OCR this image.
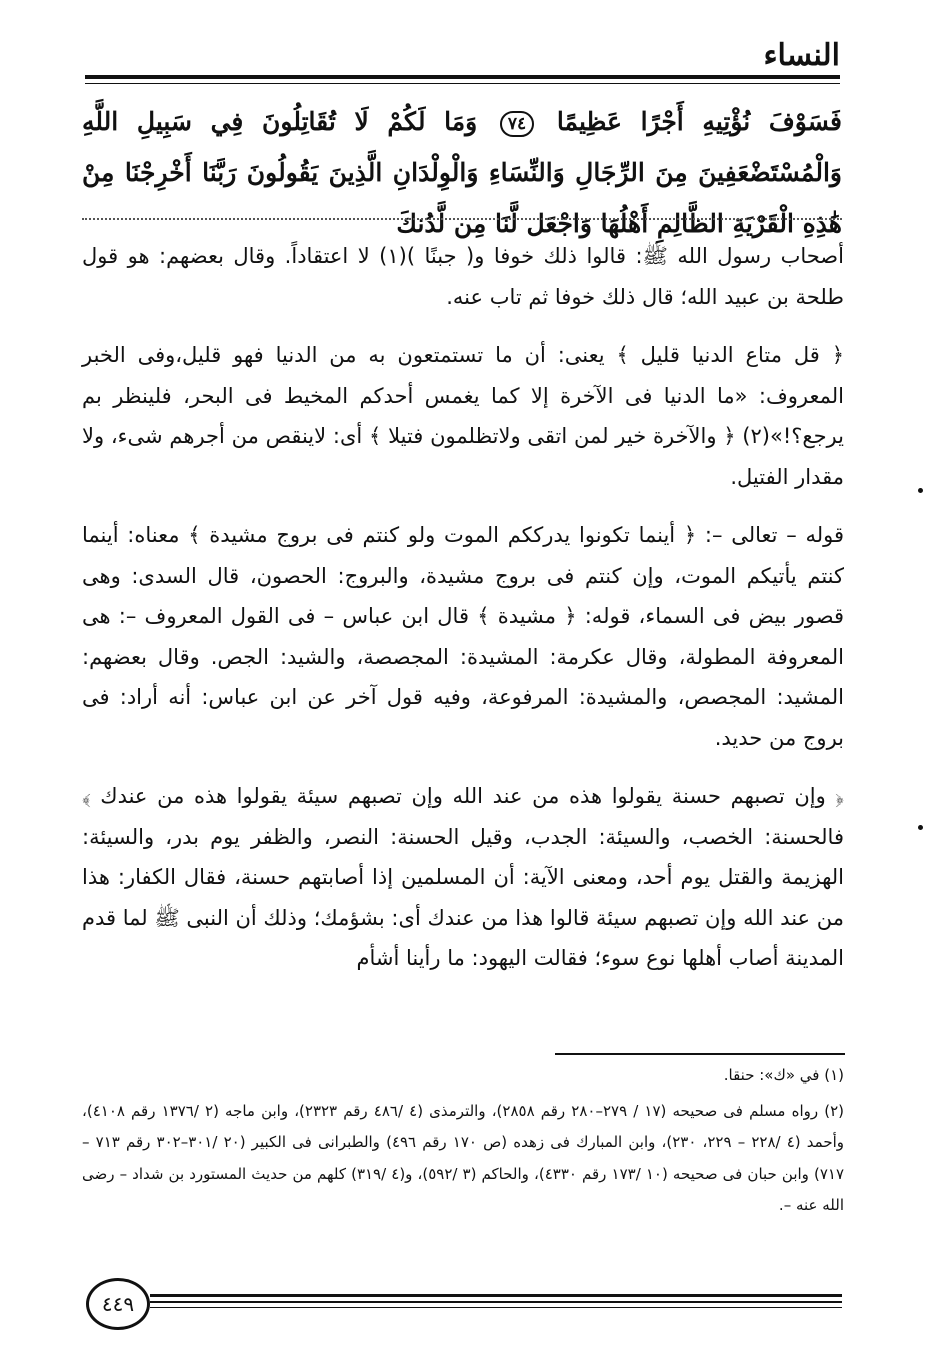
النساء
فَسَوْفَ نُؤْتِيهِ أَجْرًا عَظِيمًا ٧٤ وَمَا لَكُمْ لَا تُقَاتِلُونَ فِي سَبِيلِ اللَّهِ وَالْمُسْتَضْعَفِينَ مِنَ الرِّجَالِ وَالنِّسَاءِ وَالْوِلْدَانِ الَّذِينَ يَقُولُونَ رَبَّنَا أَخْرِجْنَا مِنْ هَٰذِهِ الْقَرْيَةِ الظَّالِمِ أَهْلُهَا وَاجْعَل لَّنَا مِن لَّدُنكَ

أصحاب رسول الله ﷺ: قالوا ذلك خوفا و( جبنًا )(١) لا اعتقاداً. وقال بعضهم: هو قول طلحة بن عبيد الله؛ قال ذلك خوفا ثم تاب عنه.

﴿ قل متاع الدنيا قليل ﴾ يعنى: أن ما تستمتعون به من الدنيا فهو قليل،وفى الخبر المعروف: «ما الدنيا فى الآخرة إلا كما يغمس أحدكم المخيط فى البحر، فلينظر بم يرجع؟!»(٢) ﴿ والآخرة خير لمن اتقى ولاتظلمون فتيلا ﴾ أى: لاينقص من أجرهم شىء، ولا مقدار الفتيل.

قوله – تعالى –: ﴿ أينما تكونوا يدرككم الموت ولو كنتم فى بروج مشيدة ﴾ معناه: أينما كنتم يأتيكم الموت، وإن كنتم فى بروج مشيدة، والبروج: الحصون، قال السدى: وهى قصور بيض فى السماء، قوله: ﴿ مشيدة ﴾ قال ابن عباس – فى القول المعروف –: هى المعروفة المطولة، وقال عكرمة: المشيدة: المجصصة، والشيد: الجص. وقال بعضهم: المشيد: المجصص، والمشيدة: المرفوعة، وفيه قول آخر عن ابن عباس: أنه أراد: فى بروج من حديد.

﴿ وإن تصبهم حسنة يقولوا هذه من عند الله وإن تصبهم سيئة يقولوا هذه من عندك ﴾ فالحسنة: الخصب، والسيئة: الجدب، وقيل الحسنة: النصر، والظفر يوم بدر، والسيئة: الهزيمة والقتل يوم أحد، ومعنى الآية: أن المسلمين إذا أصابتهم حسنة، فقال الكفار: هذا من عند الله وإن تصبهم سيئة قالوا هذا من عندك أى: بشؤمك؛ وذلك أن النبى ﷺ لما قدم المدينة أصاب أهلها نوع سوء؛ فقالت اليهود: ما رأينا أشأم

(١) في «ك»: حنقا.

(٢) رواه مسلم فى صحيحه (١٧ / ٢٧٩–٢٨٠ رقم ٢٨٥٨)، والترمذى (٤ /٤٨٦ رقم ٢٣٢٣)، وابن ماجه (٢ /١٣٧٦ رقم ٤١٠٨)، وأحمد (٤ /٢٢٨ – ٢٢٩، ٢٣٠)، وابن المبارك فى زهده (ص ١٧٠ رقم ٤٩٦) والطبرانى فى الكبير (٢٠ /٣٠١–٣٠٢ رقم ٧١٣ – ٧١٧) وابن حبان فى صحيحه (١٠ /١٧٣ رقم ٤٣٣٠)، والحاكم (٣ /٥٩٢)، و(٤ /٣١٩) كلهم من حديث المستورد بن شداد – رضى الله عنه –.

٤٤٩
